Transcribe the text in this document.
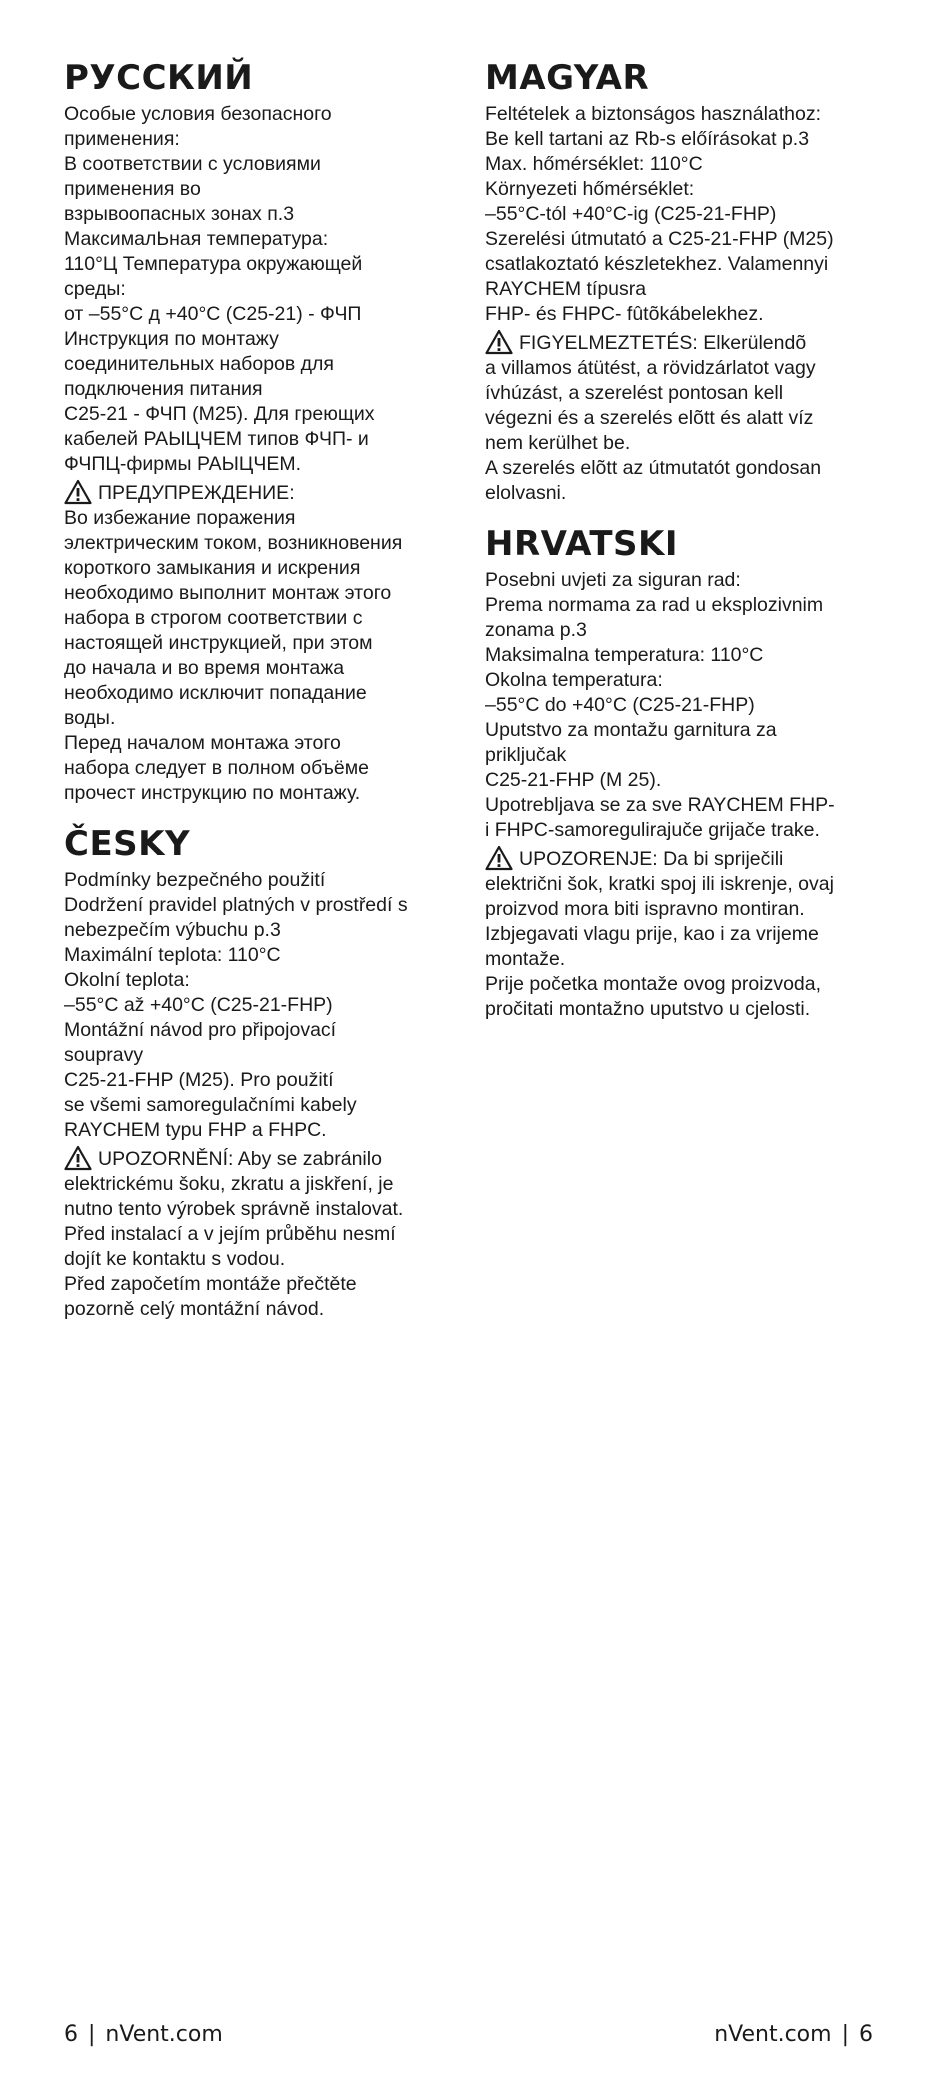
РУССКИЙ
Особые условия безопасного
применения:
В соответствии с условиями
применения во
взрывоопасных зонах п.3
МаксималЬная температура:
110°Ц Температура окружающей
среды:
от –55°C д +40°C (C25-21) - ФЧП
Инструкция по монтажу
соединительных наборов для
подключения питания
C25-21 - ФЧП (M25). Для греющих
кабелей РАЫЦЧЕМ типов ФЧП- и
ФЧПЦ-фирмы РАЫЦЧЕМ.
ПРЕДУПРЕЖДЕНИЕ:
Во избежание поражения
электрическим током, возникновения
короткого замыкания и искрения
необходимо выполнит монтаж этого
набора в строгом соответствии с
настоящей инструкцией, при этом
до начала и во время монтажа
необходимо исключит попадание
воды.
Перед началом монтажа этого
набора следует в полном объёме
прочест инструкцию по монтажу.
ČESKY
Podmínky bezpečného použití
Dodržení pravidel platných v prostředí s
nebezpečím výbuchu p.3
Maximální teplota: 110°C
Okolní teplota:
–55°C až +40°C (C25-21-FHP)
Montážní návod pro připojovací
soupravy
C25-21-FHP (M25). Pro použití
se všemi samoregulačními kabely
RAYCHEM typu FHP a FHPC.
UPOZORNĚNÍ: Aby se zabránilo
elektrickému šoku, zkratu a jiskření, je
nutno tento výrobek správně instalovat.
Před instalací a v jejím průběhu nesmí
dojít ke kontaktu s vodou.
Před započetím montáže přečtěte
pozorně celý montážní návod.
MAGYAR
Feltételek a biztonságos használathoz:
Be kell tartani az Rb-s előírásokat p.3
Max. hőmérséklet: 110°C
Környezeti hőmérséklet:
–55°C-tól +40°C-ig (C25-21-FHP)
Szerelési útmutató a C25-21-FHP (M25)
csatlakoztató készletekhez. Valamennyi
RAYCHEM típusra
FHP- és FHPC- fûtõkábelekhez.
FIGYELMEZTETÉS: Elkerülendõ
a villamos átütést, a rövidzárlatot vagy
ívhúzást, a szerelést pontosan kell
végezni és a szerelés elõtt és alatt víz
nem kerülhet be.
A szerelés elõtt az útmutatót gondosan
elolvasni.
HRVATSKI
Posebni uvjeti za siguran rad:
Prema normama za rad u eksplozivnim
zonama p.3
Maksimalna temperatura: 110°C
Okolna temperatura:
–55°C do +40°C (C25-21-FHP)
Uputstvo za montažu garnitura za
priključak
C25-21-FHP (M 25).
Upotrebljava se za sve RAYCHEM FHP-
i FHPC-samoregulirajuče grijače trake.
UPOZORENJE: Da bi spriječili
električni šok, kratki spoj ili iskrenje, ovaj
proizvod mora biti ispravno montiran.
Izbjegavati vlagu prije, kao i za vrijeme
montaže.
Prije početka montaže ovog proizvoda,
pročitati montažno uputstvo u cjelosti.
6 | nVent.com	nVent.com | 6
